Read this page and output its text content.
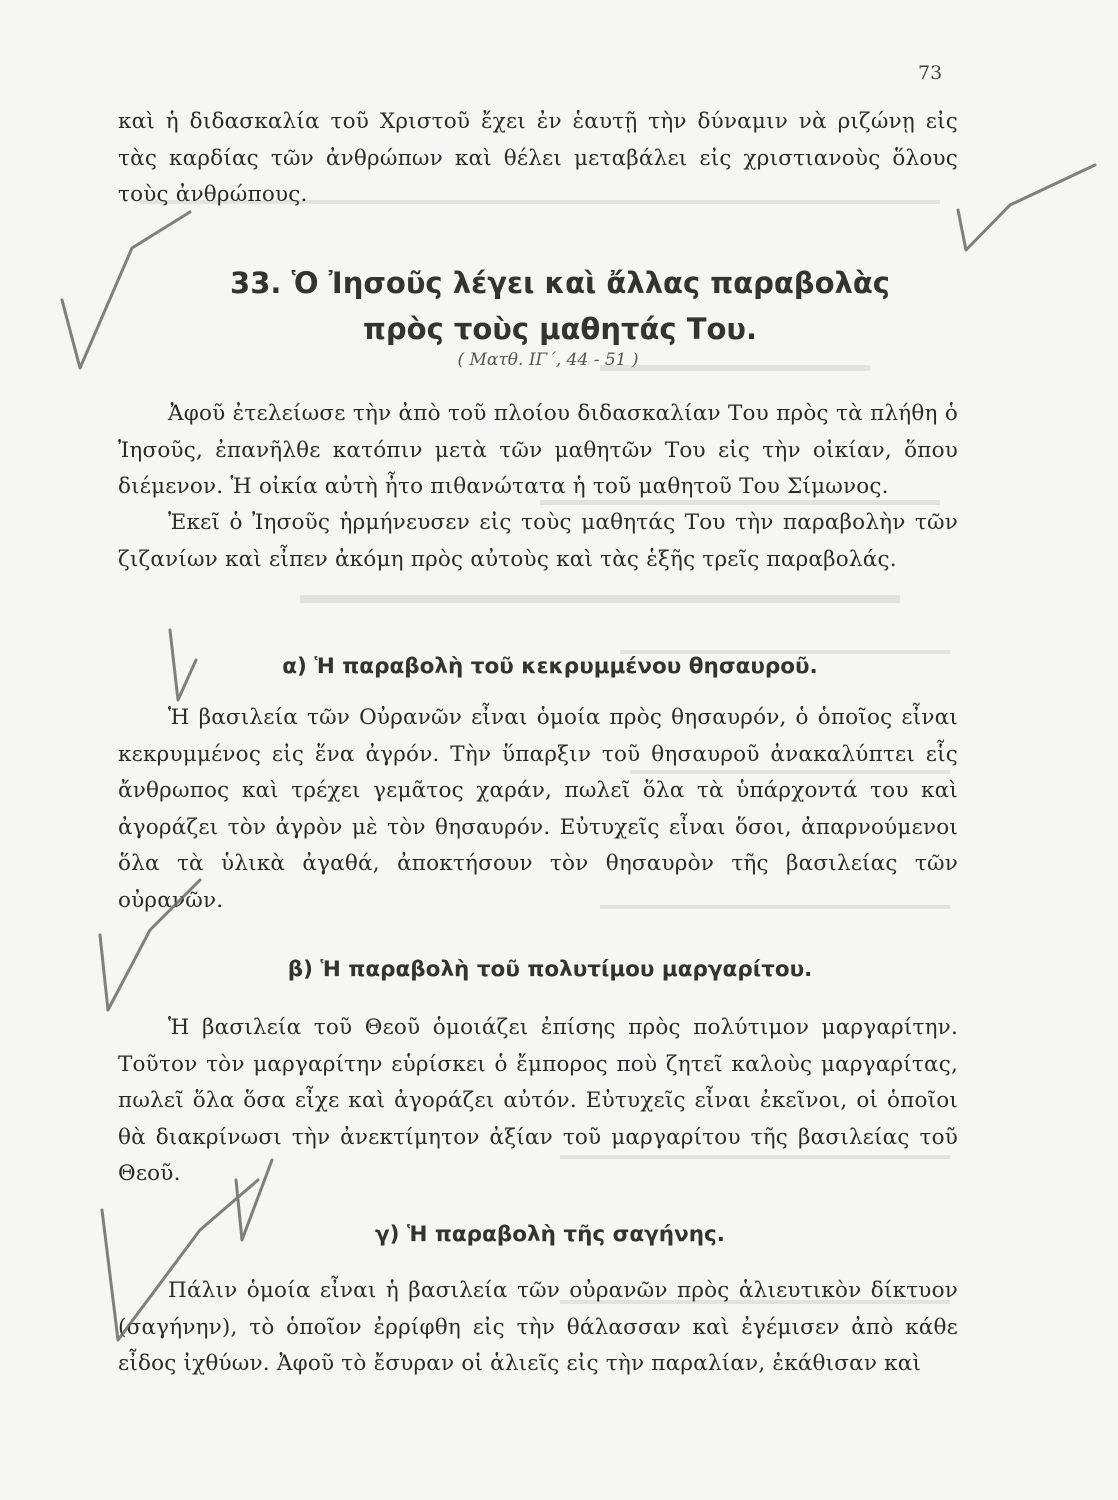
73

καὶ ἡ διδασκαλία τοῦ Χριστοῦ ἔχει ἐν ἑαυτῇ τὴν δύναμιν νὰ ριζώνῃ εἰς τὰς καρδίας τῶν ἀνθρώπων καὶ θέλει μεταβάλει εἰς χριστιανοὺς ὅλους τοὺς ἀνθρώπους.

33. Ὁ Ἰησοῦς λέγει καὶ ἄλλας παραβολὰς
πρὸς τοὺς μαθητάς Του.
( Ματθ. ΙΓ΄, 44 - 51 )

Ἀφοῦ ἐτελείωσε τὴν ἀπὸ τοῦ πλοίου διδασκαλίαν Του πρὸς τὰ πλήθη ὁ Ἰησοῦς, ἐπανῆλθε κατόπιν μετὰ τῶν μαθητῶν Του εἰς τὴν οἰκίαν, ὅπου διέμενον. Ἡ οἰκία αὐτὴ ἦτο πιθανώτατα ἡ τοῦ μαθητοῦ Του Σίμωνος.

Ἐκεῖ ὁ Ἰησοῦς ἡρμήνευσεν εἰς τοὺς μαθητάς Του τὴν παραβολὴν τῶν ζιζανίων καὶ εἶπεν ἀκόμη πρὸς αὐτοὺς καὶ τὰς ἑξῆς τρεῖς παραβολάς.

α) Ἡ παραβολὴ τοῦ κεκρυμμένου θησαυροῦ.

Ἡ βασιλεία τῶν Οὐρανῶν εἶναι ὁμοία πρὸς θησαυρόν, ὁ ὁποῖος εἶναι κεκρυμμένος εἰς ἕνα ἀγρόν. Τὴν ὕπαρξιν τοῦ θησαυροῦ ἀνακαλύπτει εἷς ἄνθρωπος καὶ τρέχει γεμᾶτος χαράν, πωλεῖ ὅλα τὰ ὑπάρχοντά του καὶ ἀγοράζει τὸν ἀγρὸν μὲ τὸν θησαυρόν. Εὐτυχεῖς εἶναι ὅσοι, ἀπαρνούμενοι ὅλα τὰ ὑλικὰ ἀγαθά, ἀποκτήσουν τὸν θησαυρὸν τῆς βασιλείας τῶν οὐρανῶν.

β) Ἡ παραβολὴ τοῦ πολυτίμου μαργαρίτου.

Ἡ βασιλεία τοῦ Θεοῦ ὁμοιάζει ἐπίσης πρὸς πολύτιμον μαργαρίτην. Τοῦτον τὸν μαργαρίτην εὑρίσκει ὁ ἔμπορος ποὺ ζητεῖ καλοὺς μαργαρίτας, πωλεῖ ὅλα ὅσα εἶχε καὶ ἀγοράζει αὐτόν. Εὐτυχεῖς εἶναι ἐκεῖνοι, οἱ ὁποῖοι θὰ διακρίνωσι τὴν ἀνεκτίμητον ἀξίαν τοῦ μαργαρίτου τῆς βασιλείας τοῦ Θεοῦ.

γ) Ἡ παραβολὴ τῆς σαγήνης.

Πάλιν ὁμοία εἶναι ἡ βασιλεία τῶν οὐρανῶν πρὸς ἁλιευτικὸν δίκτυον (σαγήνην), τὸ ὁποῖον ἐρρίφθη εἰς τὴν θάλασσαν καὶ ἐγέμισεν ἀπὸ κάθε εἶδος ἰχθύων. Ἀφοῦ τὸ ἔσυραν οἱ ἁλιεῖς εἰς τὴν παραλίαν, ἐκάθισαν καὶ
